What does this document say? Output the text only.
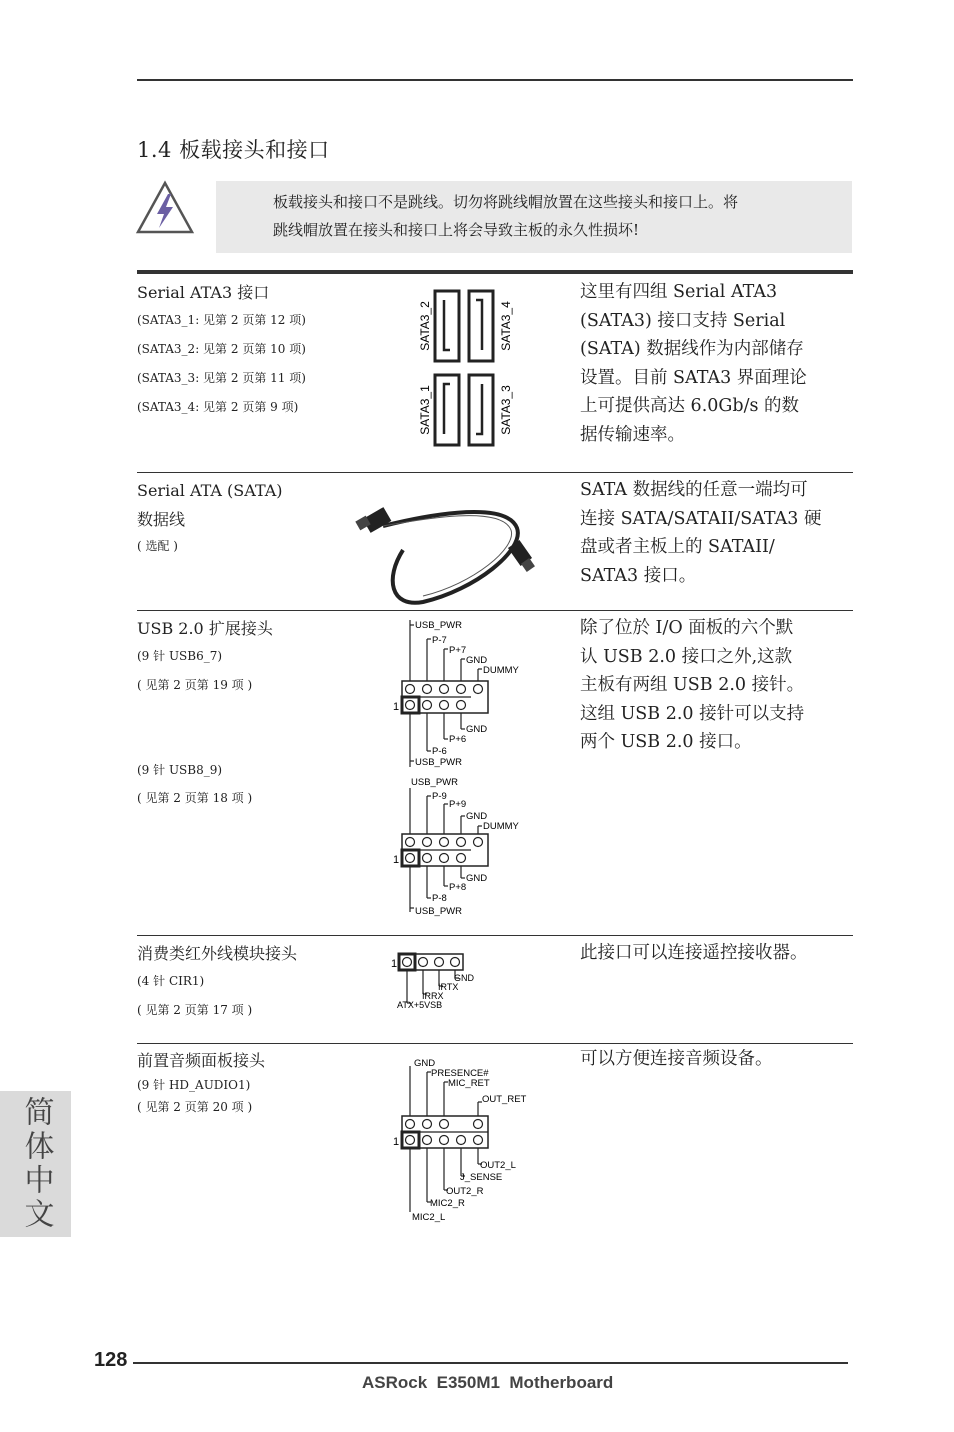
1.4 板载接头和接口
板载接头和接口不是跳线。切勿将跳线帽放置在这些接头和接口上。将
跳线帽放置在接头和接口上将会导致主板的永久性损坏!
Serial ATA3 接口
(SATA3_1: 见第 2 页第 12 项)
(SATA3_2: 见第 2 页第 10 项)
(SATA3_3: 见第 2 页第 11 项)
(SATA3_4: 见第 2 页第 9 项)
SATA3_2	SATA3_4
SATA3_1	SATA3_3
这里有四组 Serial ATA3
(SATA3) 接口支持 Serial
(SATA) 数据线作为内部储存
设置。目前 SATA3 界面理论
上可提供高达 6.0Gb/s 的数
据传输速率。
Serial ATA (SATA)
数据线
( 选配 )
SATA 数据线的任意一端均可
连接 SATA/SATAII/SATA3 硬
盘或者主板上的 SATAII/
SATA3 接口。
USB 2.0 扩展接头
(9 针 USB6_7)
( 见第 2 页第 19 项 )
(9 针 USB8_9)
( 见第 2 页第 18 项 )
1
USB_PWR
P-7
P+7
GND
DUMMY
GND
P+6
P-6
USB_PWR
1
USB_PWR
P-9
P+9
GND
DUMMY
GND
P+8
P-8
USB_PWR
除了位於 I/O 面板的六个默
认 USB 2.0 接口之外,这款
主板有两组 USB 2.0 接针。
这组 USB 2.0 接针可以支持
两个 USB 2.0 接口。
消费类红外线模块接头
(4 针 CIR1)
( 见第 2 页第 17 项 )
1
GND
IRTX
IRRX
ATX+5VSB
此接口可以连接遥控接收器。
前置音频面板接头
(9 针 HD_AUDIO1)
( 见第 2 页第 20 项 )
1
GND
PRESENCE#
MIC_RET
OUT_RET
OUT2_L
J_SENSE
OUT2_R
MIC2_R
MIC2_L
可以方便连接音频设备。
简体中文
128
ASRock  E350M1  Motherboard
